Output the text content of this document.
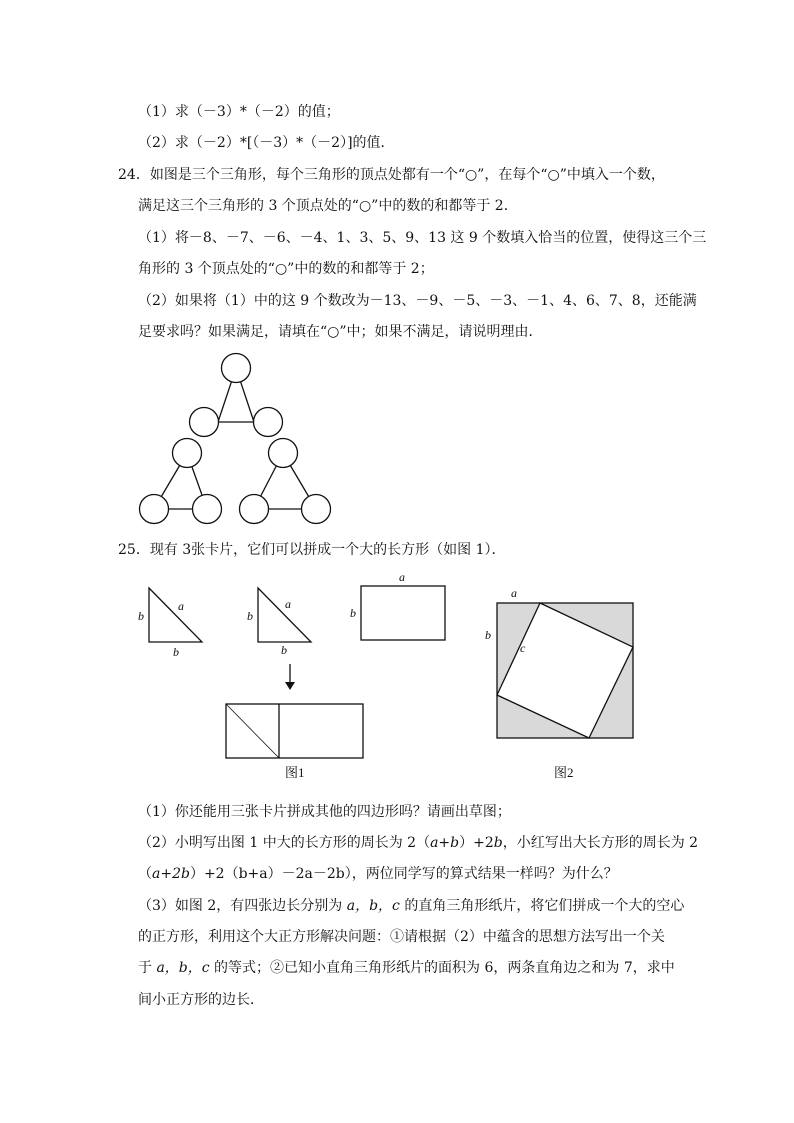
（1）求（－3）*（－2）的值；
（2）求（－2）*[（－3）*（－2）]的值．
24．如图是三个三角形，每个三角形的顶点处都有一个“○”，在每个“○”中填入一个数，
满足这三个三角形的 3 个顶点处的“○”中的数的和都等于 2．
（1）将－8、－7、－6、－4、1、3、5、9、13 这 9 个数填入恰当的位置，使得这三个三
角形的 3 个顶点处的“○”中的数的和都等于 2；
（2）如果将（1）中的这 9 个数改为－13、－9、－5、－3、－1、4、6、7、8，还能满
足要求吗？如果满足，请填在“○”中；如果不满足，请说明理由．
25．现有 3张卡片，它们可以拼成一个大的长方形（如图 1）．
b
a
b
b
a
b
a
b
图1
a
b
c
图2
（1）你还能用三张卡片拼成其他的四边形吗？请画出草图；
（2）小明写出图 1 中大的长方形的周长为 2（a+b）+2b，小红写出大长方形的周长为 2
（a+2b）+2（b+a）－2a－2b），两位同学写的算式结果一样吗？为什么？
（3）如图 2，有四张边长分别为 a，b，c 的直角三角形纸片，将它们拼成一个大的空心
的正方形，利用这个大正方形解决问题：①请根据（2）中蕴含的思想方法写出一个关
于 a，b，c 的等式；②已知小直角三角形纸片的面积为 6，两条直角边之和为 7，求中
间小正方形的边长．
